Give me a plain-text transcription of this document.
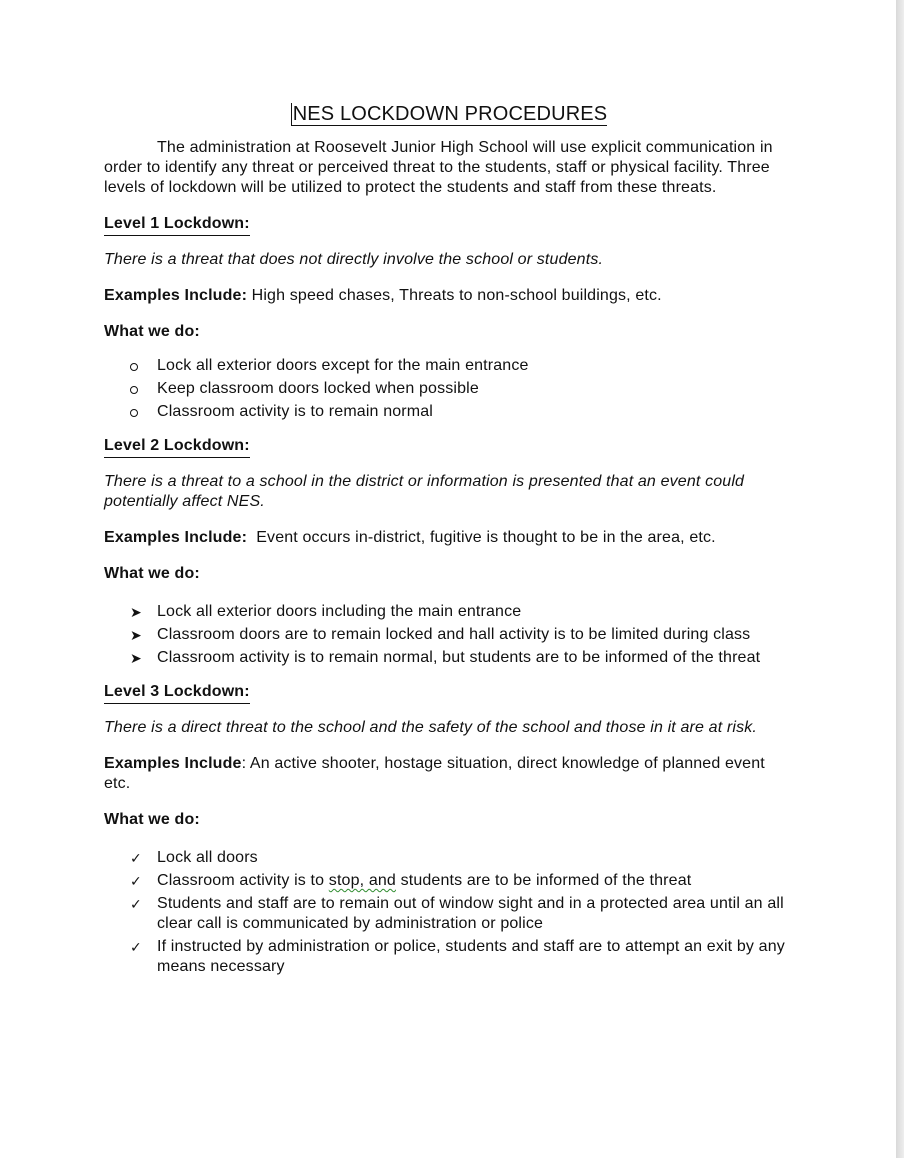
NES LOCKDOWN PROCEDURES

The administration at Roosevelt Junior High School will use explicit communication in order to identify any threat or perceived threat to the students, staff or physical facility. Three levels of lockdown will be utilized to protect the students and staff from these threats.

Level 1 Lockdown:

There is a threat that does not directly involve the school or students.

Examples Include: High speed chases, Threats to non-school buildings, etc.

What we do:

Lock all exterior doors except for the main entrance
Keep classroom doors locked when possible
Classroom activity is to remain normal
Level 2 Lockdown:

There is a threat to a school in the district or information is presented that an event could potentially affect NES.

Examples Include:  Event occurs in-district, fugitive is thought to be in the area, etc.

What we do:

➤ Lock all exterior doors including the main entrance
➤ Classroom doors are to remain locked and hall activity is to be limited during class
➤ Classroom activity is to remain normal, but students are to be informed of the threat
Level 3 Lockdown:

There is a direct threat to the school and the safety of the school and those in it are at risk.

Examples Include: An active shooter, hostage situation, direct knowledge of planned event etc.

What we do:

✓ Lock all doors
✓ Classroom activity is to stop, and students are to be informed of the threat
✓ Students and staff are to remain out of window sight and in a protected area until an all clear call is communicated by administration or police
✓ If instructed by administration or police, students and staff are to attempt an exit by any means necessary
